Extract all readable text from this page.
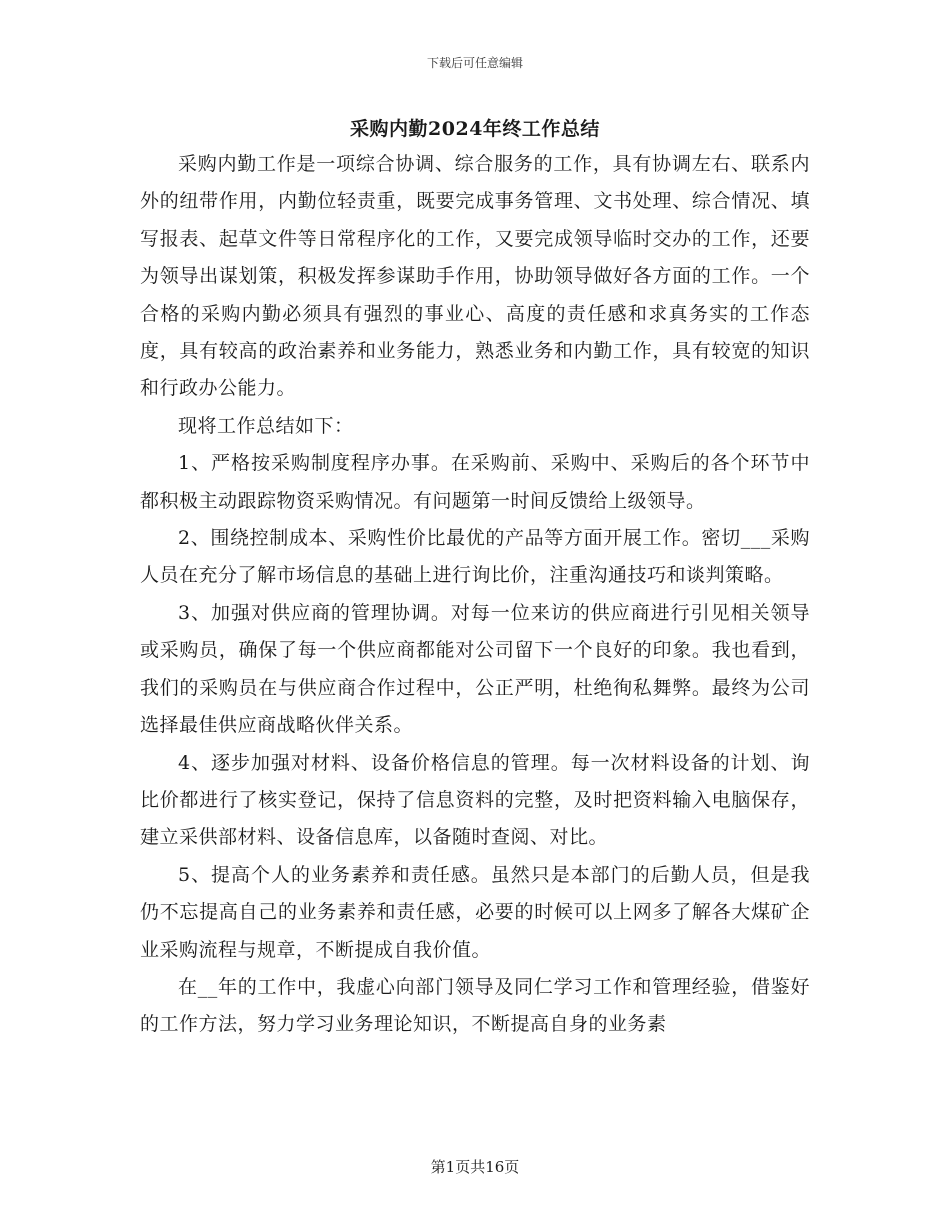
下载后可任意编辑
采购内勤2024年终工作总结

采购内勤工作是一项综合协调、综合服务的工作，具有协调左右、联系内外的纽带作用，内勤位轻责重，既要完成事务管理、文书处理、综合情况、填写报表、起草文件等日常程序化的工作，又要完成领导临时交办的工作，还要为领导出谋划策，积极发挥参谋助手作用，协助领导做好各方面的工作。一个合格的采购内勤必须具有强烈的事业心、高度的责任感和求真务实的工作态度，具有较高的政治素养和业务能力，熟悉业务和内勤工作，具有较宽的知识和行政办公能力。

现将工作总结如下：

1、严格按采购制度程序办事。在采购前、采购中、采购后的各个环节中都积极主动跟踪物资采购情况。有问题第一时间反馈给上级领导。

2、围绕控制成本、采购性价比最优的产品等方面开展工作。密切___采购人员在充分了解市场信息的基础上进行询比价，注重沟通技巧和谈判策略。

3、加强对供应商的管理协调。对每一位来访的供应商进行引见相关领导或采购员，确保了每一个供应商都能对公司留下一个良好的印象。我也看到，我们的采购员在与供应商合作过程中，公正严明，杜绝徇私舞弊。最终为公司选择最佳供应商战略伙伴关系。

4、逐步加强对材料、设备价格信息的管理。每一次材料设备的计划、询比价都进行了核实登记，保持了信息资料的完整，及时把资料输入电脑保存，建立采供部材料、设备信息库，以备随时查阅、对比。

5、提高个人的业务素养和责任感。虽然只是本部门的后勤人员，但是我仍不忘提高自己的业务素养和责任感，必要的时候可以上网多了解各大煤矿企业采购流程与规章，不断提成自我价值。

在__年的工作中，我虚心向部门领导及同仁学习工作和管理经验，借鉴好的工作方法，努力学习业务理论知识，不断提高自身的业务素

第1页共16页
